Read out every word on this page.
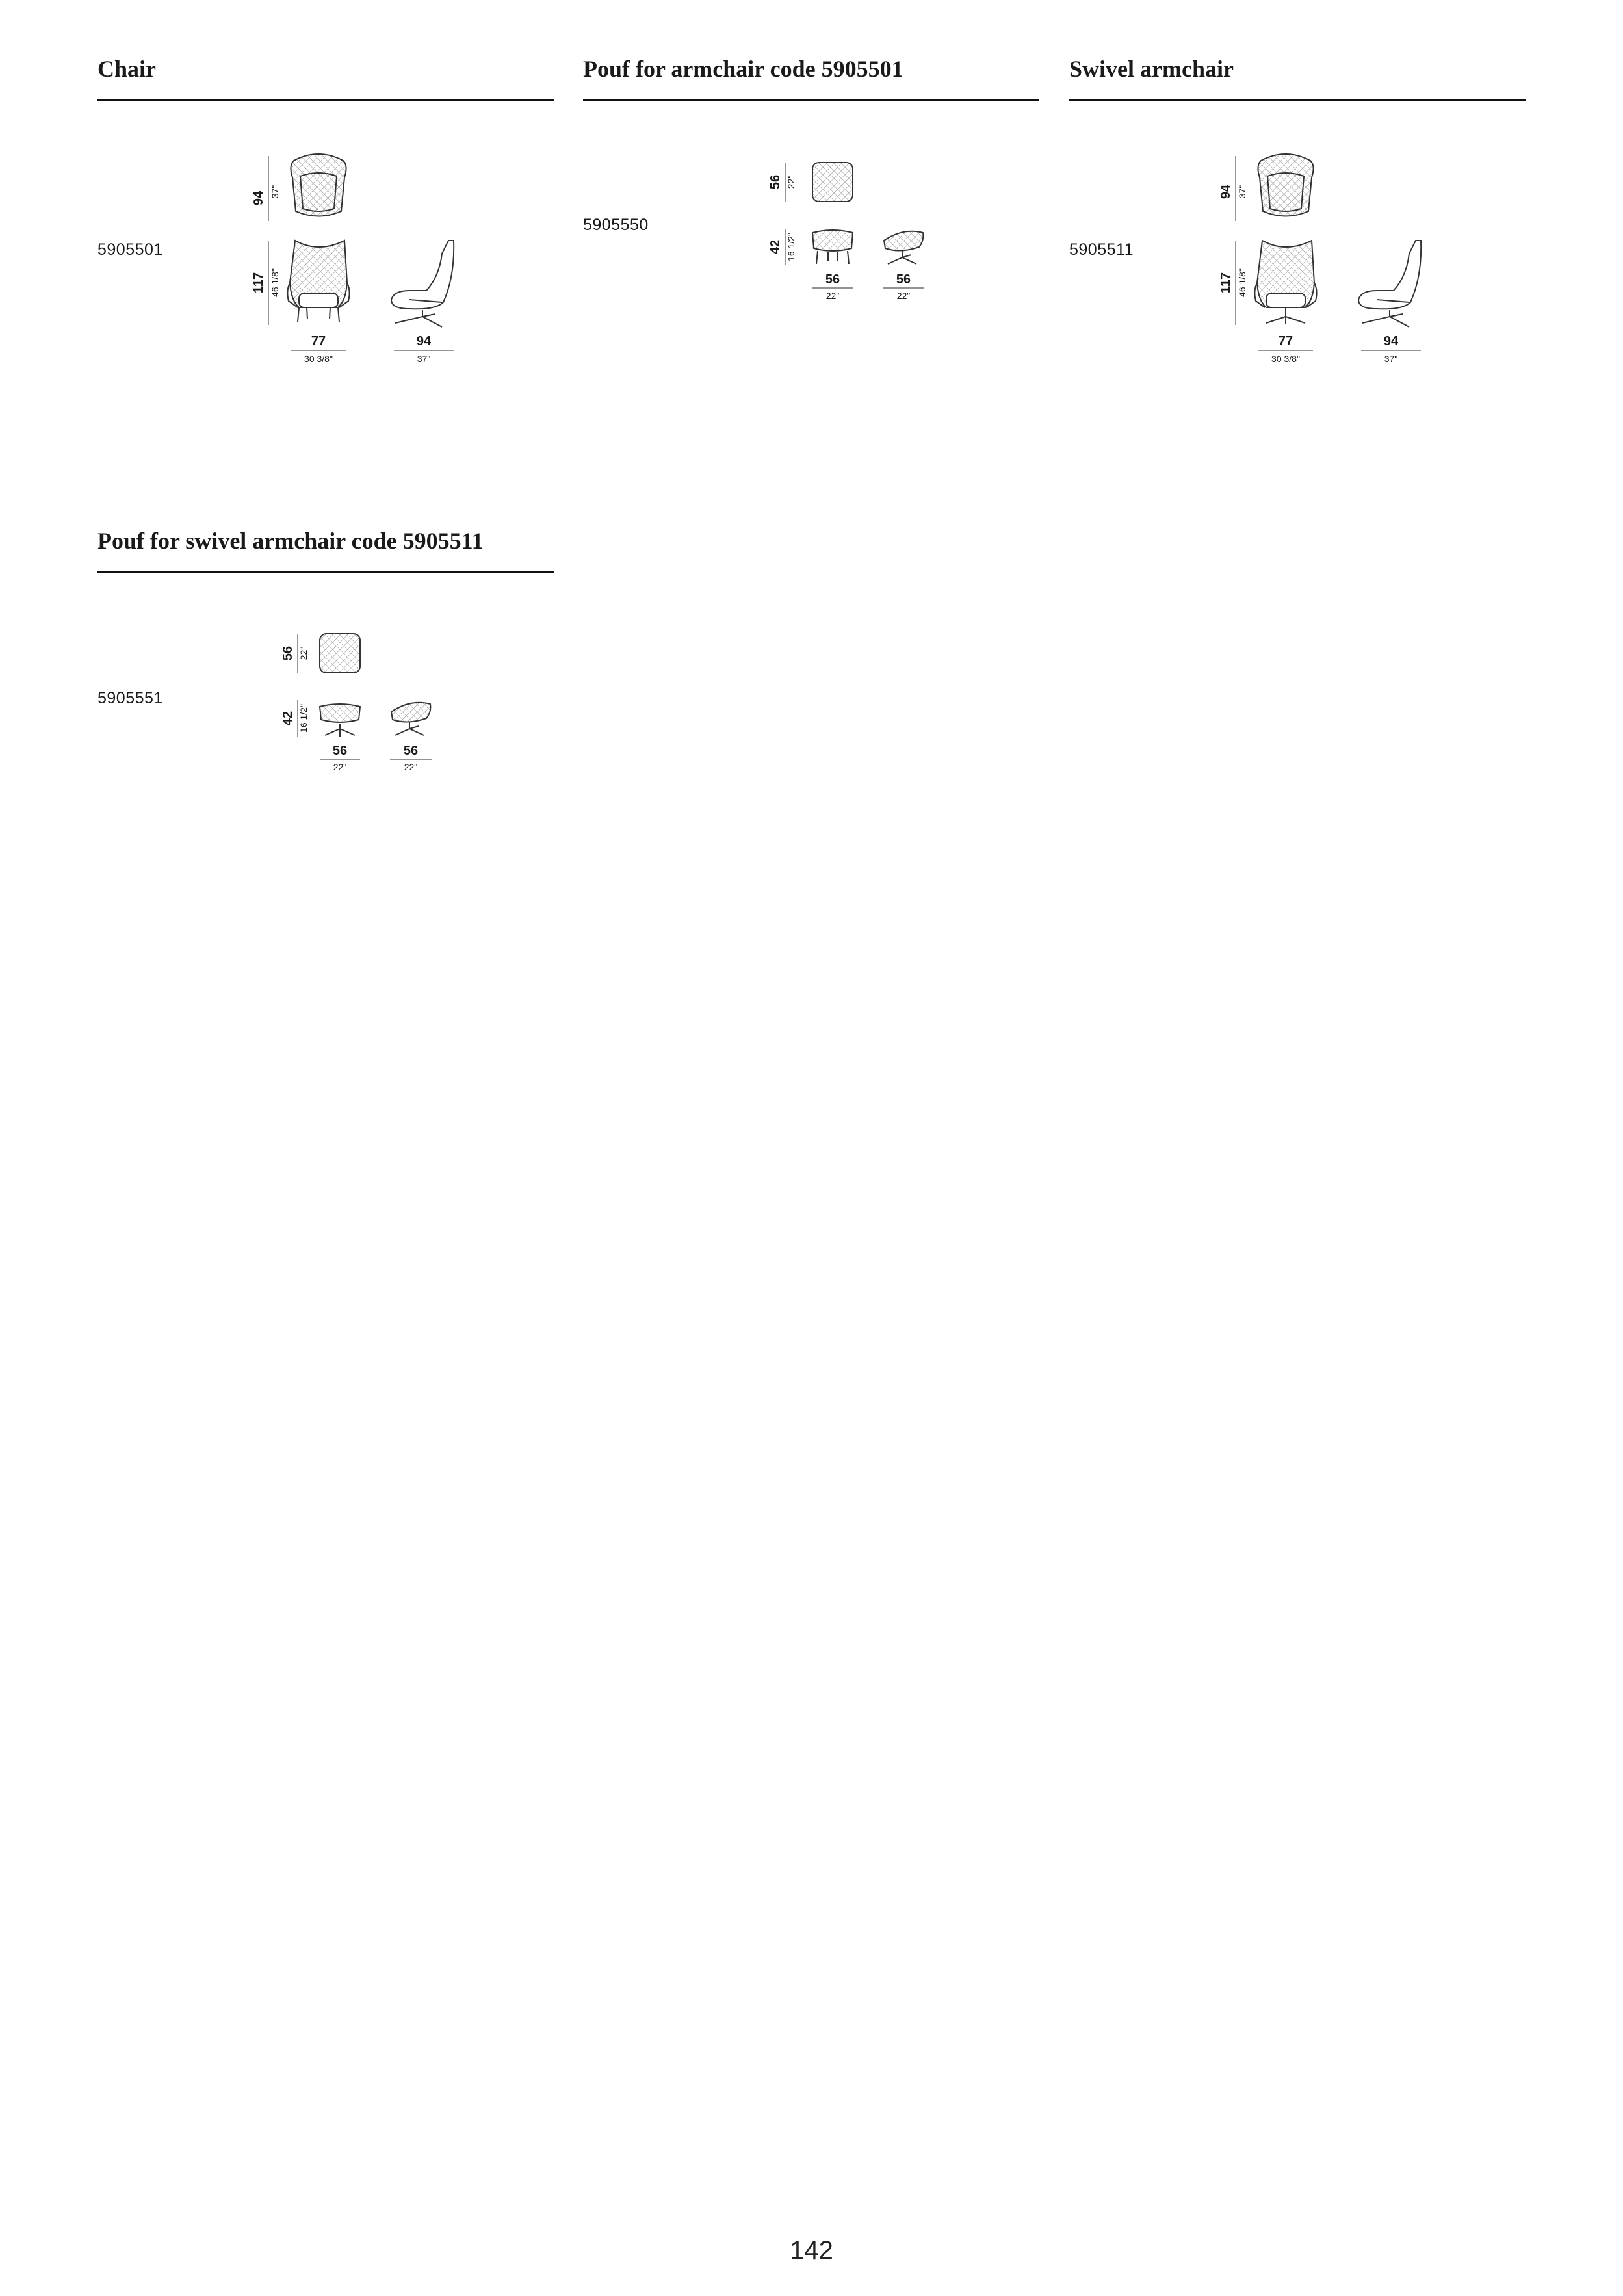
Chair
5905501
94 37"
117 46 1/8"
77
30 3/8"
94
37"
Pouf for armchair code 5905501
5905550
56 22"
42 16 1/2"
56
22"
56
22"
Swivel armchair
5905511
94 37"
117 46 1/8"
77
30 3/8"
94
37"
Pouf for swivel armchair code 5905511
5905551
56 22"
42 16 1/2"
56
22"
56
22"
142
